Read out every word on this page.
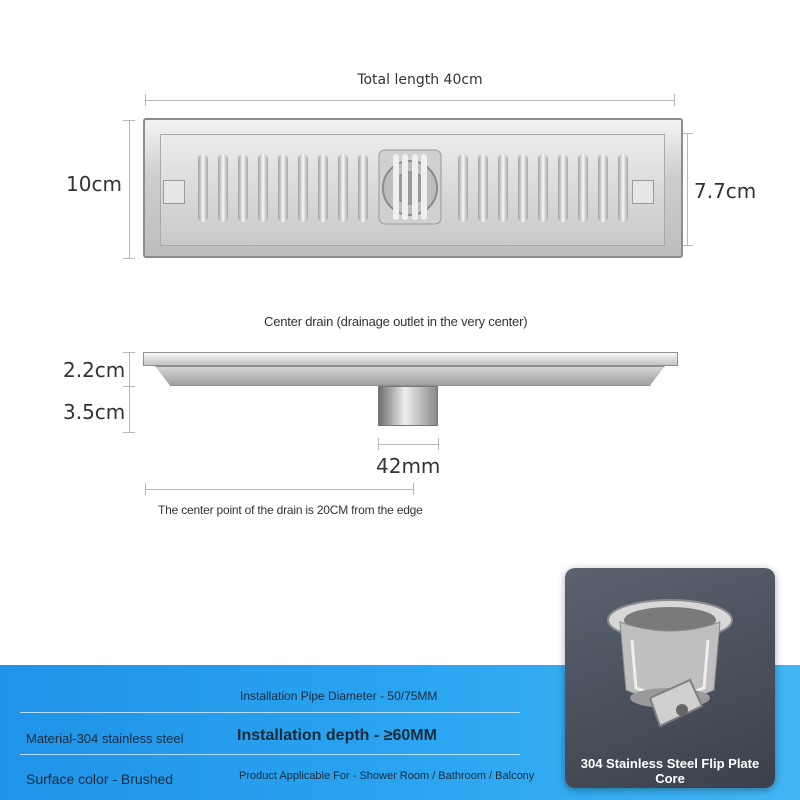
Total length 40cm
10cm	7.7cm
Center drain (drainage outlet in the very center)
2.2cm
3.5cm
42mm
The center point of the drain is 20CM from the edge
Installation Pipe Diameter - 50/75MM
Material-304 stainless steel	Installation depth - ≥60MM
Surface color - Brushed	Product Applicable For - Shower Room / Bathroom / Balcony
304 Stainless Steel Flip Plate Core
